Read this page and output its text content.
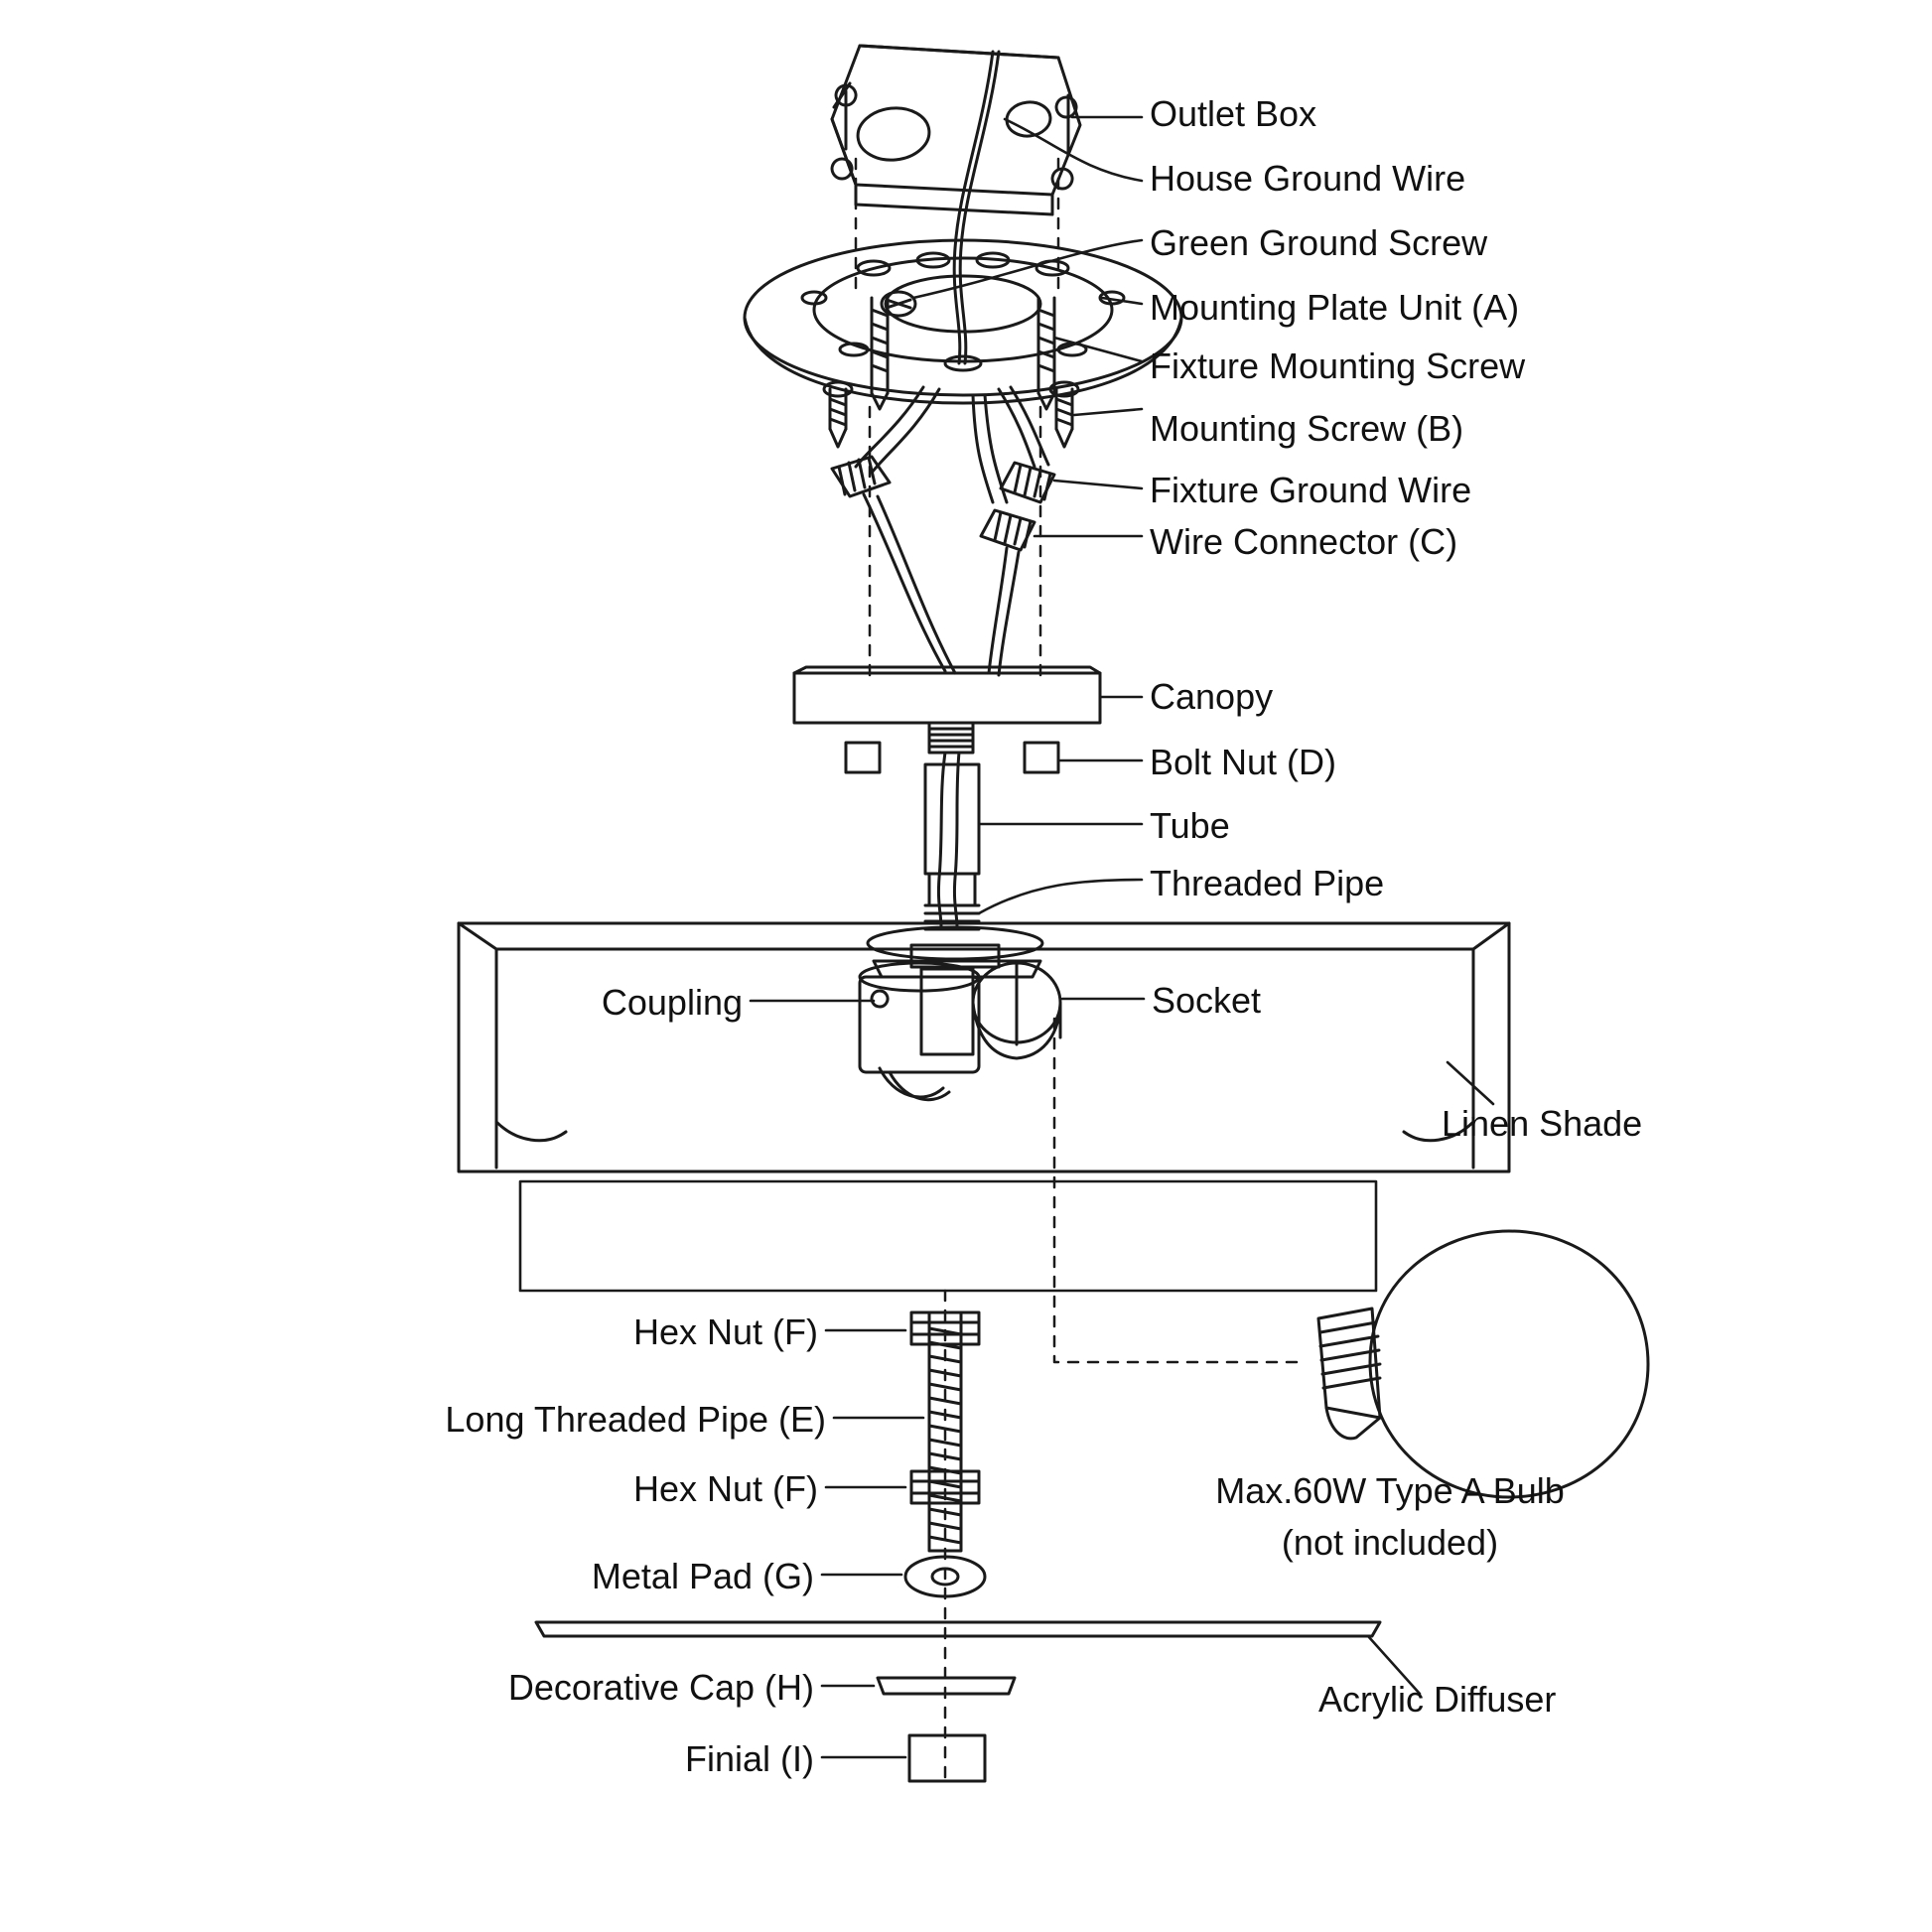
Outlet Box
House Ground Wire
Green Ground Screw
Mounting Plate Unit (A)
Fixture Mounting Screw
Mounting Screw (B)
Fixture Ground Wire
Wire Connector (C)
Canopy
Bolt Nut (D)
Tube
Threaded Pipe
Coupling	Socket
Linen Shade
Hex Nut (F)
Long Threaded Pipe (E)
Hex Nut (F)
Metal Pad (G)
Decorative Cap (H)
Finial (I)
Max.60W Type A Bulb
(not included)
Acrylic Diffuser
